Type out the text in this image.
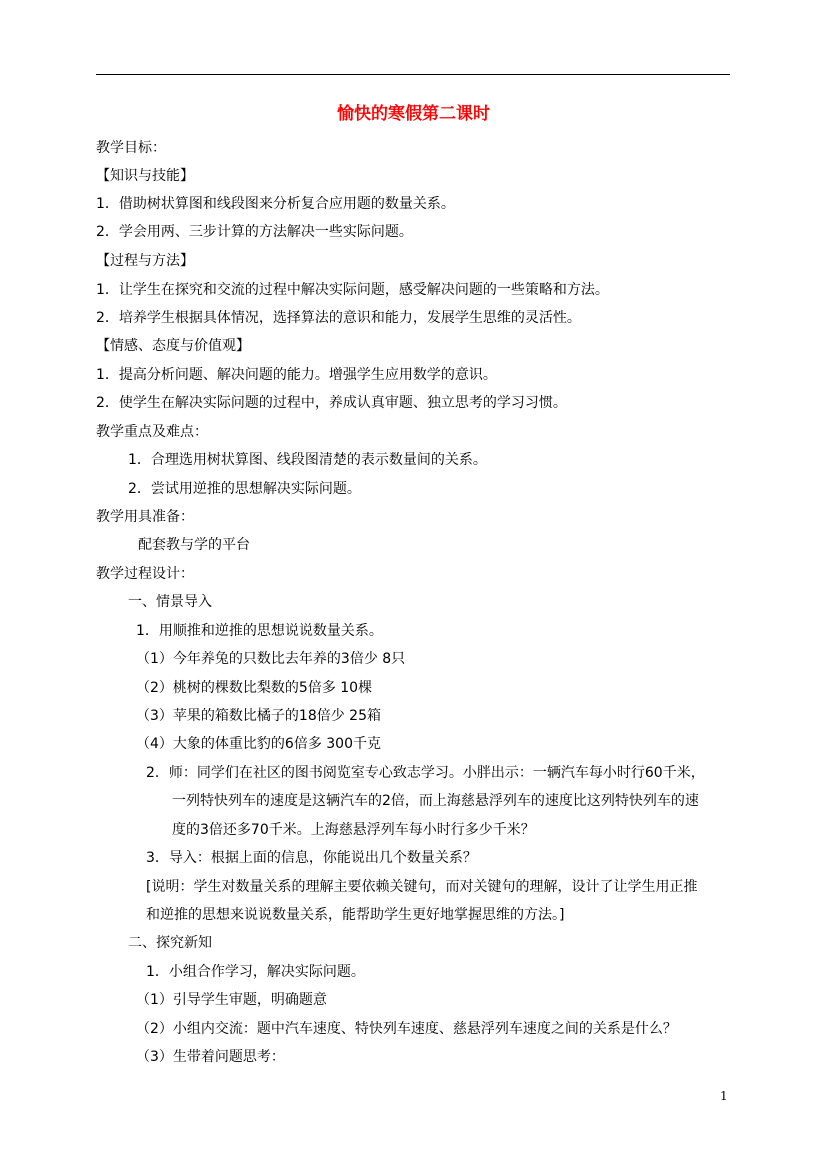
愉快的寒假第二课时
教学目标：
【知识与技能】
1．借助树状算图和线段图来分析复合应用题的数量关系。
2．学会用两、三步计算的方法解决一些实际问题。
【过程与方法】
1．让学生在探究和交流的过程中解决实际问题，感受解决问题的一些策略和方法。
2．培养学生根据具体情况，选择算法的意识和能力，发展学生思维的灵活性。
【情感、态度与价值观】
1．提高分析问题、解决问题的能力。增强学生应用数学的意识。
2．使学生在解决实际问题的过程中，养成认真审题、独立思考的学习习惯。
教学重点及难点：
1．合理选用树状算图、线段图清楚的表示数量间的关系。
2．尝试用逆推的思想解决实际问题。
教学用具准备：
配套教与学的平台
教学过程设计：
一、情景导入
1．用顺推和逆推的思想说说数量关系。
（1）今年养兔的只数比去年养的3倍少 8只
（2）桃树的棵数比梨数的5倍多 10棵
（3）苹果的箱数比橘子的18倍少 25箱
（4）大象的体重比豹的6倍多 300千克
2．师：同学们在社区的图书阅览室专心致志学习。小胖出示：一辆汽车每小时行60千米，
一列特快列车的速度是这辆汽车的2倍，而上海慈悬浮列车的速度比这列特快列车的速
度的3倍还多70千米。上海慈悬浮列车每小时行多少千米？
3．导入：根据上面的信息，你能说出几个数量关系？
[说明：学生对数量关系的理解主要依赖关键句，而对关键句的理解，设计了让学生用正推
和逆推的思想来说说数量关系，能帮助学生更好地掌握思维的方法。]
二、探究新知
1．小组合作学习，解决实际问题。
（1）引导学生审题，明确题意
（2）小组内交流：题中汽车速度、特快列车速度、慈悬浮列车速度之间的关系是什么？
（3）生带着问题思考：
1
